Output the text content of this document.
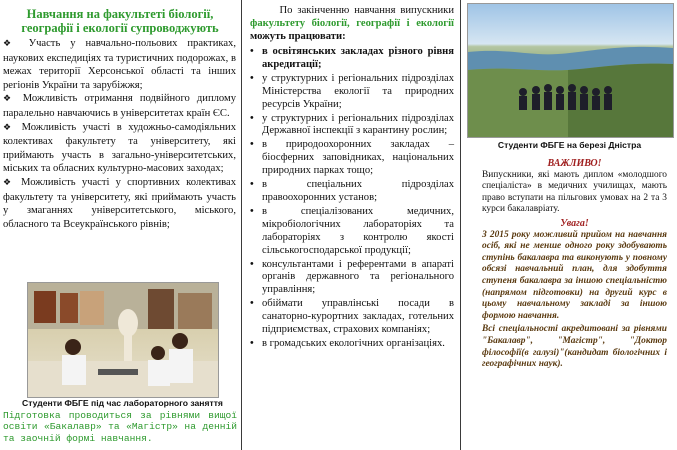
Навчання на факультеті біології, географії і екології супроводжують

❖ Участь у навчально-польових практиках, наукових експедиціях та туристичних подорожах, в межах території Херсонської області та інших регіонів України та зарубіжжя;

❖ Можливість отримання подвійного диплому паралельно навчаючись в університетах країн ЄС.

❖ Можливість участі в художньо-самодіяльних колективах факультету та університету, які приймають участь в загально-університетських, міських та обласних культурно-масових заходах;

❖ Можливість участі у спортивних колективах факультету та університету, які приймають участь у змаганнях університетського, міського, обласного та Всеукраїнського рівнів;

Студенти ФБГЕ під час лабораторного заняття
Підготовка проводиться за рівнями вищої освіти «Бакалавр» та «Магістр» на денній та заочній формі навчання.

По закінченню навчання випускники факультету біології, географії і екології можуть працювати:

• в освітянських закладах різного рівня акредитації;
• у структурних і регіональних підрозділах Міністерства екології та природних ресурсів України;
• у структурних і регіональних підрозділах Державної інспекції з карантину рослин;
• в природоохоронних закладах – біосферних заповідниках, національних природних парках тощо;
• в спеціальних підрозділах правоохоронних установ;
• в спеціалізованих медичних, мікробіологічних лабораторіях та лабораторіях з контролю якості сільськогосподарської продукції;
• консультантами і референтами в апараті органів державного та регіонального управління;
• обіймати управлінські посади в санаторно-курортних закладах, готельних підприємствах, страхових компаніях;
• в громадських екологічних організаціях.
Студенти ФБГЕ на березі Дністра
ВАЖЛИВО!

Випускники, які мають диплом «молодшого спеціаліста» в медичних училищах, мають право вступати на пільгових умовах на 2 та 3 курси бакалавріату.

Увага!

З 2015 року можливий прийом на навчання осіб, які не менше одного року здобувають ступінь бакалавра та виконують у повному обсязі навчальний план, для здобуття ступеня бакалавра за іншою спеціальністю (напрямом підготовки) на другий курс в цьому навчальному закладі за іншою формою навчання.

Всі спеціальності акредитовані за рівнями "Бакалавр", "Магістр", "Доктор філософії(в галузі)"(кандидат біологічних і географічних наук).
